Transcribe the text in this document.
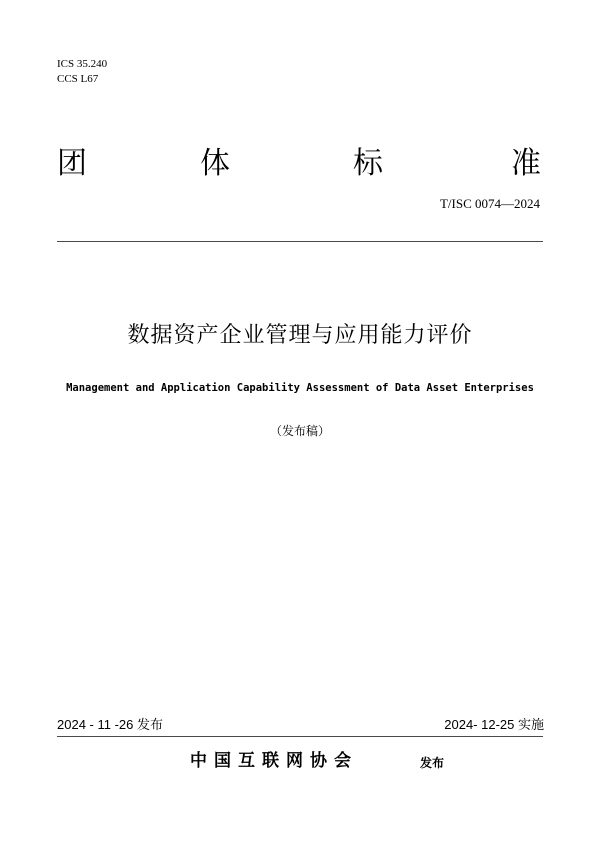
ICS 35.240
CCS L67
团	体	标	准
T/ISC 0074—2024
数据资产企业管理与应用能力评价
Management and Application Capability Assessment of Data Asset Enterprises
（发布稿）
2024 - 11 -26 发布	2024- 12-25 实施
中国互联网协会	发布
